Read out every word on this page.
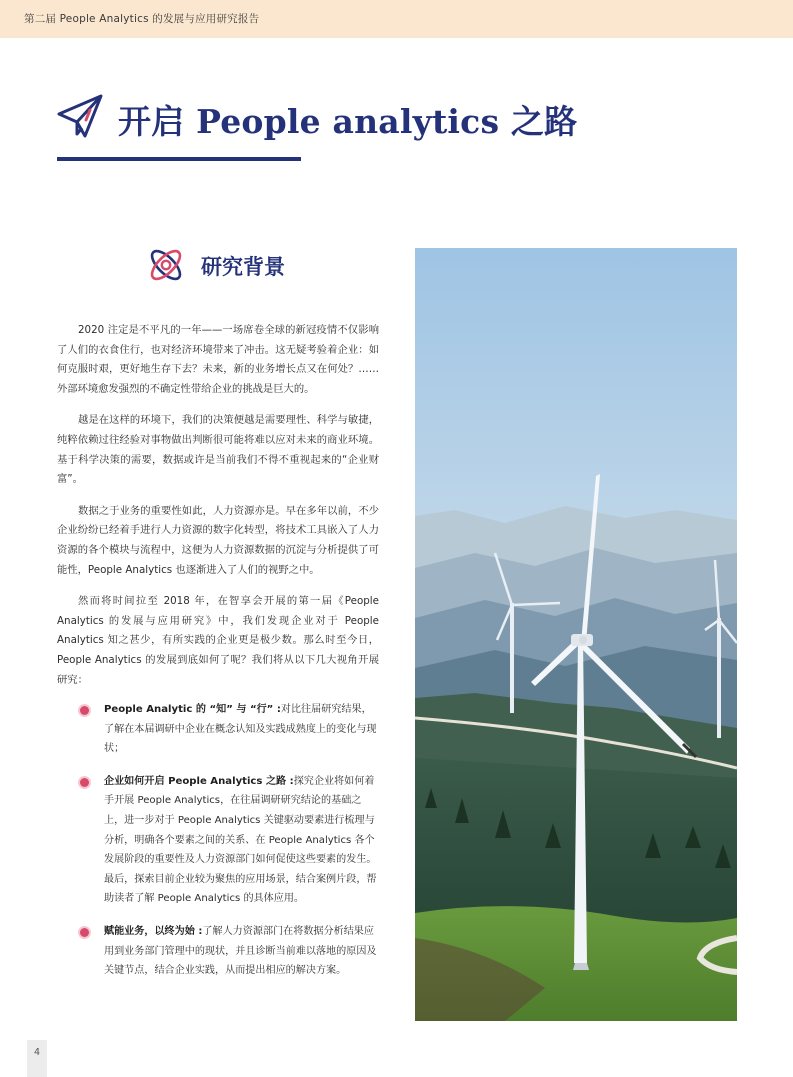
第二届 People Analytics 的发展与应用研究报告
开启 People analytics 之路
研究背景

2020 注定是不平凡的一年——一场席卷全球的新冠疫情不仅影响了人们的衣食住行，也对经济环境带来了冲击。这无疑考验着企业：如何克服时艰，更好地生存下去？未来，新的业务增长点又在何处？……外部环境愈发强烈的不确定性带给企业的挑战是巨大的。

越是在这样的环境下，我们的决策便越是需要理性、科学与敏捷，纯粹依赖过往经验对事物做出判断很可能将难以应对未来的商业环境。基于科学决策的需要，数据或许是当前我们不得不重视起来的“企业财富”。

数据之于业务的重要性如此，人力资源亦是。早在多年以前，不少企业纷纷已经着手进行人力资源的数字化转型，将技术工具嵌入了人力资源的各个模块与流程中，这便为人力资源数据的沉淀与分析提供了可能性，People Analytics 也逐渐进入了人们的视野之中。

然而将时间拉至 2018 年，在智享会开展的第一届《People Analytics 的发展与应用研究》中，我们发现企业对于 People Analytics 知之甚少，有所实践的企业更是极少数。那么时至今日，People Analytics 的发展到底如何了呢？我们将从以下几大视角开展研究：

People Analytic 的 “知” 与 “行” :对比往届研究结果，了解在本届调研中企业在概念认知及实践成熟度上的变化与现状；
企业如何开启 People Analytics 之路 :探究企业将如何着手开展 People Analytics，在往届调研研究结论的基础之上，进一步对于 People Analytics 关键驱动要素进行梳理与分析，明确各个要素之间的关系、在 People Analytics 各个发展阶段的重要性及人力资源部门如何促使这些要素的发生。最后，探索目前企业较为聚焦的应用场景，结合案例片段，帮助读者了解 People Analytics 的具体应用。
赋能业务，以终为始 :了解人力资源部门在将数据分析结果应用到业务部门管理中的现状，并且诊断当前难以落地的原因及关键节点，结合企业实践，从而提出相应的解决方案。
4
